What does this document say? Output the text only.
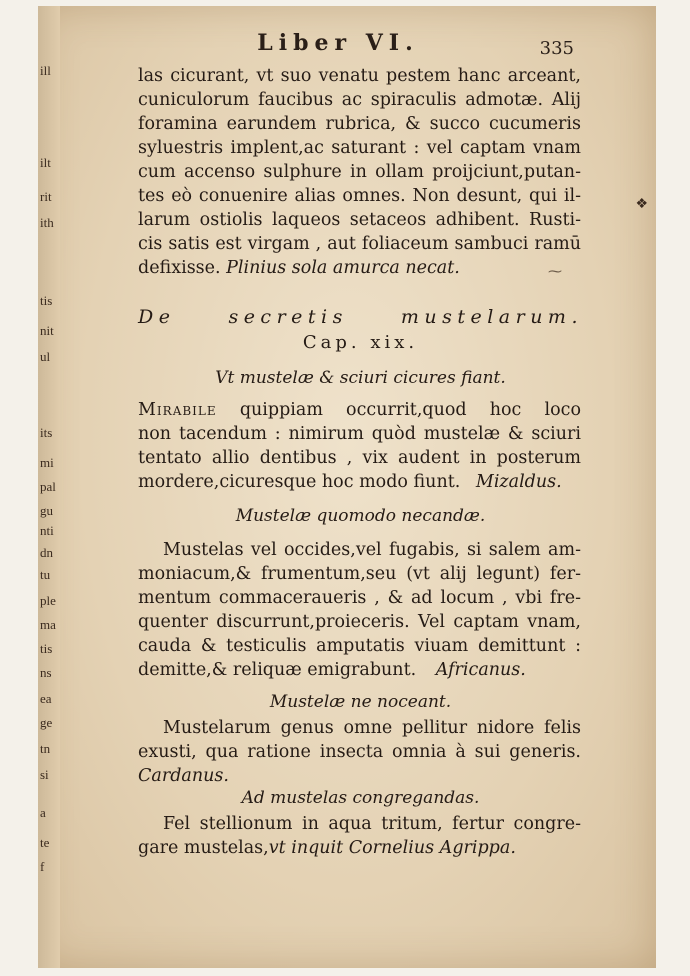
ill
ilt
rit
ith
tis
nit
ul
its
mi
pal
gu
nti
dn
tu
ple
ma
tis
ns
ea
ge
tn
si
a
te
f
❖
Liber VI.	335
las cicurant, vt suo venatu pestem hanc arceant,
cuniculorum faucibus ac spiraculis admotæ. Alij
foramina earundem rubrica, & succo cucumeris
syluestris implent,ac saturant : vel captam vnam
cum accenso sulphure in ollam proijciunt,putan-
tes eò conuenire alias omnes. Non desunt, qui il-
larum ostiolis laqueos setaceos adhibent. Rusti-
cis satis est virgam , aut foliaceum sambuci ramū
defixisse. Plinius sola amurca necat.	⁓
De secretis mustelarum.
Cap. xix.
Vt mustelæ & sciuri cicures fiant.
Mirabile quippiam occurrit,quod hoc loco
non tacendum : nimirum quòd mustelæ & sciuri
tentato allio dentibus , vix audent in posterum
mordere,cicuresque hoc modo fiunt. Mizaldus.
Mustelæ quomodo necandæ.
Mustelas vel occides,vel fugabis, si salem am-
moniacum,& frumentum,seu (vt alij legunt) fer-
mentum commaceraueris , & ad locum , vbi fre-
quenter discurrunt,proieceris. Vel captam vnam,
cauda & testiculis amputatis viuam demittunt :
demitte,& reliquæ emigrabunt. Africanus.
Mustelæ ne noceant.
Mustelarum genus omne pellitur nidore felis
exusti, qua ratione insecta omnia à sui generis.
Cardanus.
Ad mustelas congregandas.
Fel stellionum in aqua tritum, fertur congre-
gare mustelas,vt inquit Cornelius Agrippa.
